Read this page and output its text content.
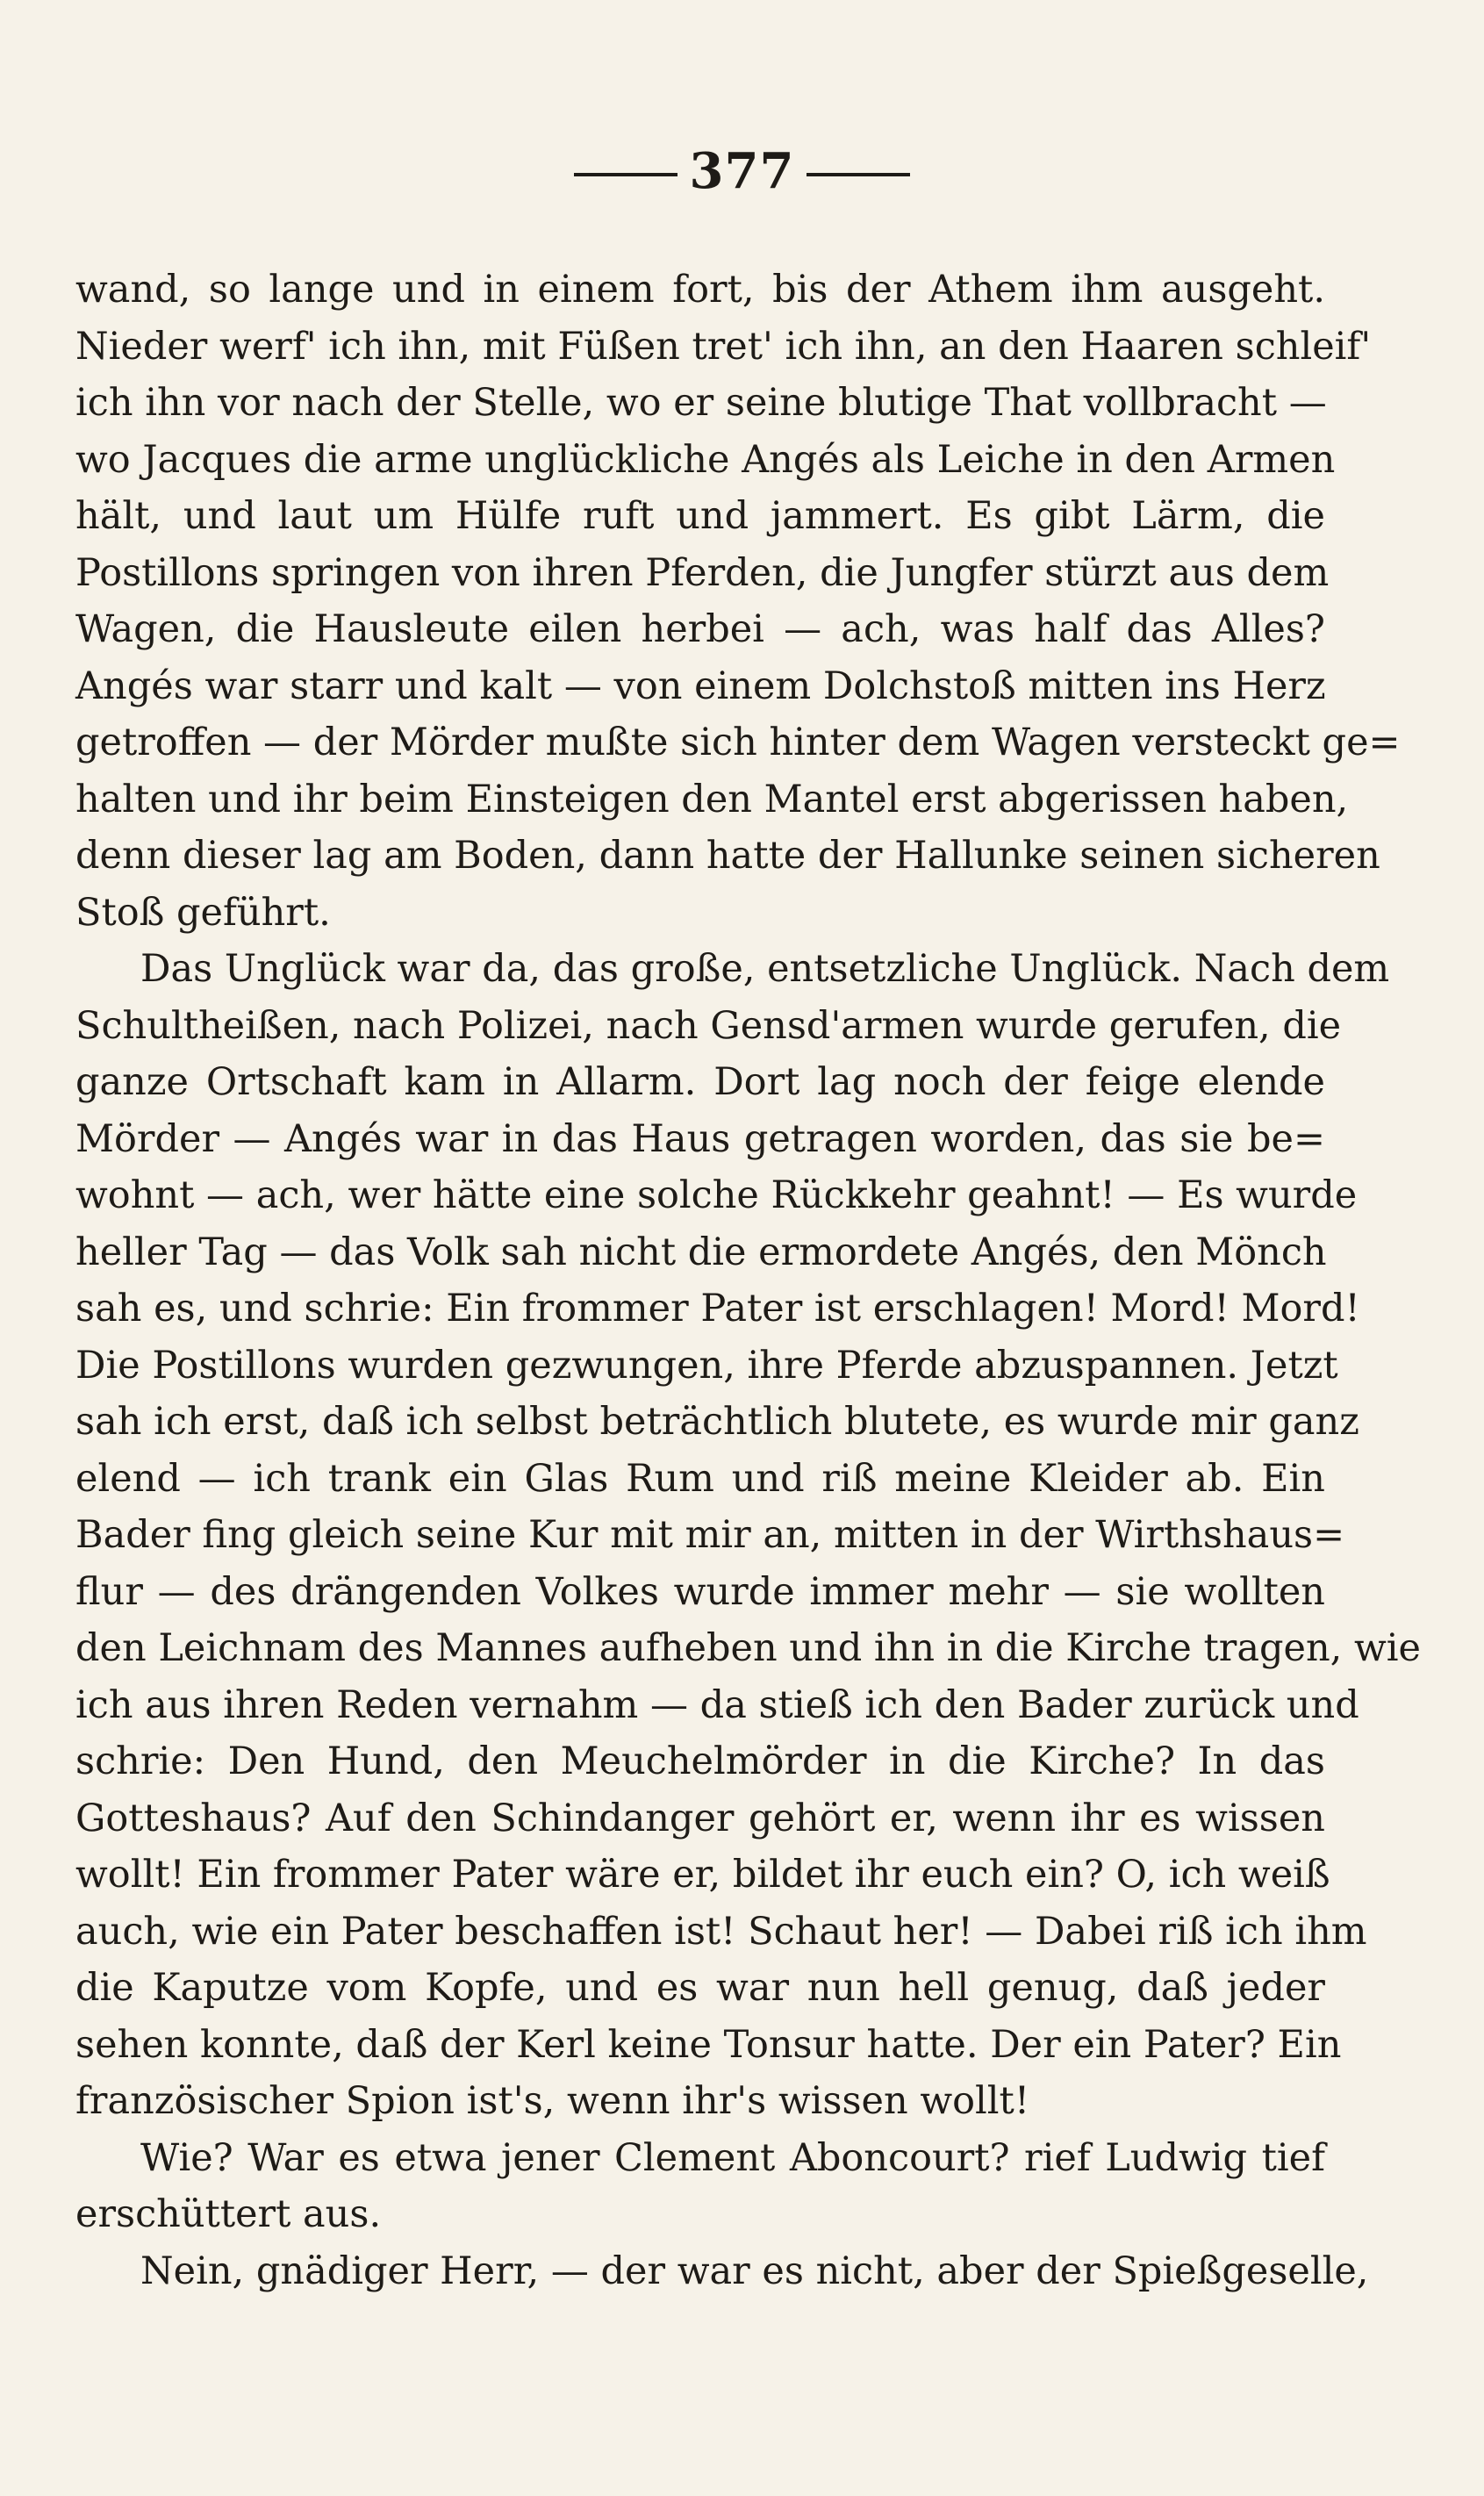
377
wand, so lange und in einem fort, bis der Athem ihm ausgeht.
Nieder werf' ich ihn, mit Füßen tret' ich ihn, an den Haaren schleif'
ich ihn vor nach der Stelle, wo er seine blutige That vollbracht —
wo Jacques die arme unglückliche Angés als Leiche in den Armen
hält, und laut um Hülfe ruft und jammert. Es gibt Lärm, die
Postillons springen von ihren Pferden, die Jungfer stürzt aus dem
Wagen, die Hausleute eilen herbei — ach, was half das Alles?
Angés war starr und kalt — von einem Dolchstoß mitten ins Herz
getroffen — der Mörder mußte sich hinter dem Wagen versteckt ge=
halten und ihr beim Einsteigen den Mantel erst abgerissen haben,
denn dieser lag am Boden, dann hatte der Hallunke seinen sicheren
Stoß geführt.
Das Unglück war da, das große, entsetzliche Unglück. Nach dem
Schultheißen, nach Polizei, nach Gensd'armen wurde gerufen, die
ganze Ortschaft kam in Allarm. Dort lag noch der feige elende
Mörder — Angés war in das Haus getragen worden, das sie be=
wohnt — ach, wer hätte eine solche Rückkehr geahnt! — Es wurde
heller Tag — das Volk sah nicht die ermordete Angés, den Mönch
sah es, und schrie: Ein frommer Pater ist erschlagen! Mord! Mord!
Die Postillons wurden gezwungen, ihre Pferde abzuspannen. Jetzt
sah ich erst, daß ich selbst beträchtlich blutete, es wurde mir ganz
elend — ich trank ein Glas Rum und riß meine Kleider ab. Ein
Bader fing gleich seine Kur mit mir an, mitten in der Wirthshaus=
flur — des drängenden Volkes wurde immer mehr — sie wollten
den Leichnam des Mannes aufheben und ihn in die Kirche tragen, wie
ich aus ihren Reden vernahm — da stieß ich den Bader zurück und
schrie: Den Hund, den Meuchelmörder in die Kirche? In das
Gotteshaus? Auf den Schindanger gehört er, wenn ihr es wissen
wollt! Ein frommer Pater wäre er, bildet ihr euch ein? O, ich weiß
auch, wie ein Pater beschaffen ist! Schaut her! — Dabei riß ich ihm
die Kaputze vom Kopfe, und es war nun hell genug, daß jeder
sehen konnte, daß der Kerl keine Tonsur hatte. Der ein Pater? Ein
französischer Spion ist's, wenn ihr's wissen wollt!
Wie? War es etwa jener Clement Aboncourt? rief Ludwig tief
erschüttert aus.
Nein, gnädiger Herr, — der war es nicht, aber der Spießgeselle,
